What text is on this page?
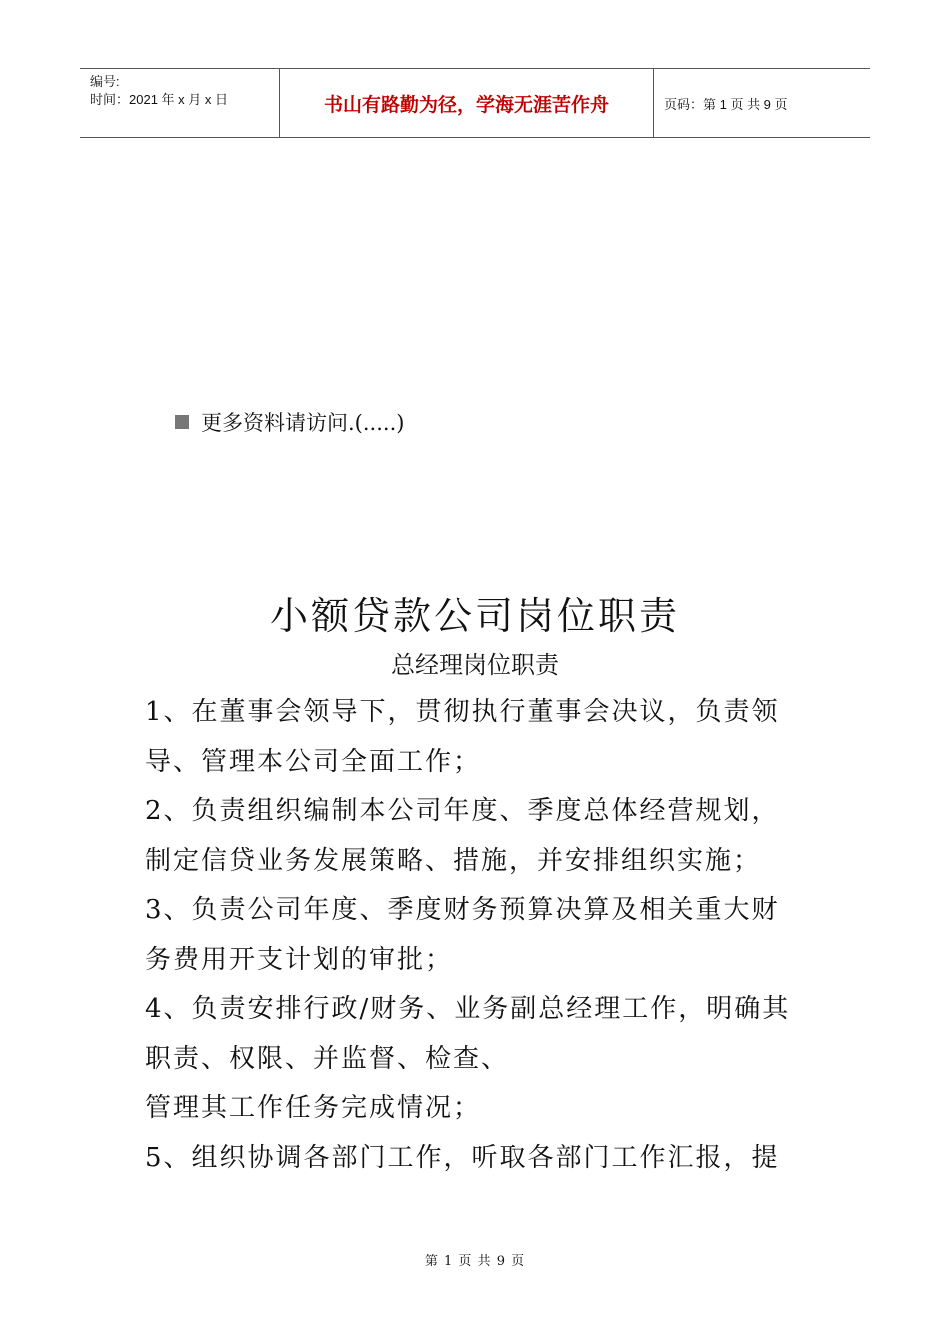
编号:
时间：2021 年 x 月 x 日	书山有路勤为径，学海无涯苦作舟	页码：第 1 页 共 9 页
更多资料请访问.(.....)
小额贷款公司岗位职责
总经理岗位职责
1、在董事会领导下，贯彻执行董事会决议，负责领
导、管理本公司全面工作；
2、负责组织编制本公司年度、季度总体经营规划，
制定信贷业务发展策略、措施，并安排组织实施；
3、负责公司年度、季度财务预算决算及相关重大财
务费用开支计划的审批；
4、负责安排行政/财务、业务副总经理工作，明确其
职责、权限、并监督、检查、
管理其工作任务完成情况；
5、组织协调各部门工作，听取各部门工作汇报，提
第 1 页 共 9 页
